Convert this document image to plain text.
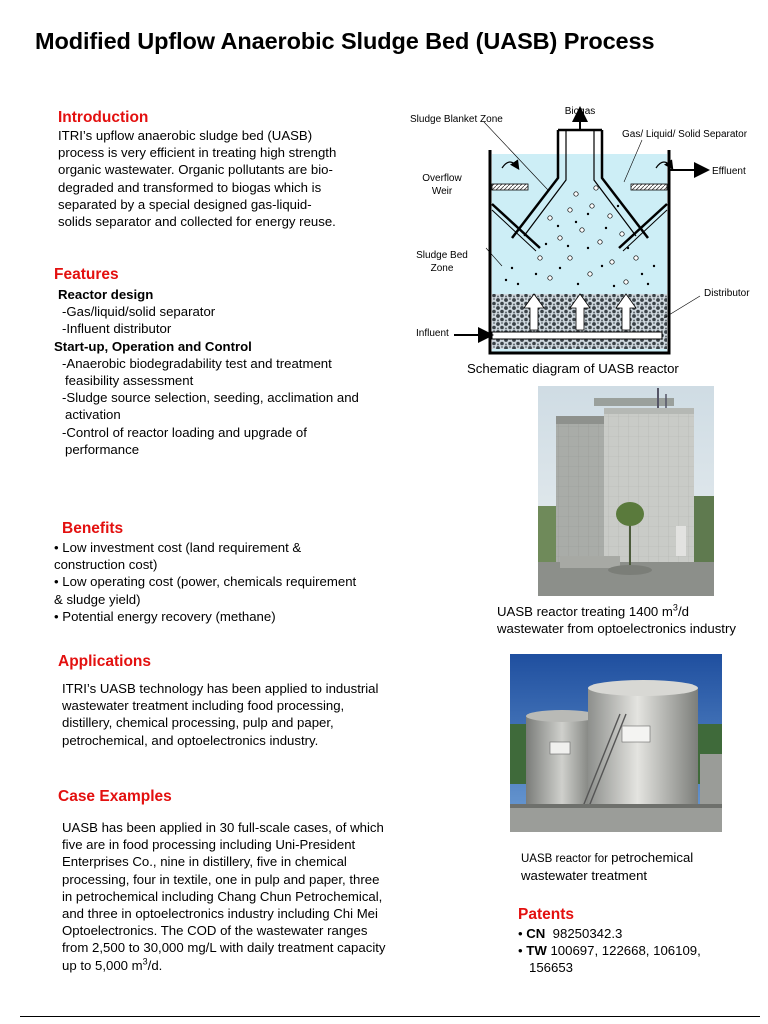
Modified Upflow Anaerobic Sludge Bed (UASB) Process
Introduction

ITRI’s upflow anaerobic sludge bed (UASB)

process is very efficient in treating high strength

organic wastewater. Organic pollutants are bio-

degraded and transformed to biogas which is

separated by a special designed gas-liquid-

solids separator and collected for energy reuse.

Features

Reactor design

-Gas/liquid/solid separator

-Influent distributor

Start-up, Operation and Control

-Anaerobic biodegradability test and treatment

feasibility assessment

-Sludge source selection, seeding, acclimation and

activation

-Control of reactor loading and upgrade of

performance

Benefits

• Low investment cost (land requirement &

construction cost)

• Low operating cost (power, chemicals requirement

& sludge yield)

• Potential energy recovery (methane)

Applications

ITRI’s UASB technology has been applied to industrial

wastewater treatment including food processing,

distillery, chemical processing, pulp and paper,

petrochemical, and optoelectronics industry.

Case Examples

UASB has been applied in 30 full-scale cases, of which

five are in food processing including Uni-President

Enterprises Co., nine in distillery, five in chemical

processing, four in textile, one in pulp and paper, three

in petrochemical including Chang Chun Petrochemical,

and three in optoelectronics industry including Chi Mei

Optoelectronics. The COD of the wastewater ranges

from 2,500 to 30,000 mg/L with daily treatment capacity

up to 5,000 $m^3/d$.

Biogas
Sludge Blanket Zone
Gas/ Liquid/ Solid Separator
Overflow
Weir
Effluent
Sludge Bed
Zone
Distributor
Influent
Schematic diagram of UASB reactor
UASB reactor treating 1400 $m^3/d$
wastewater from optoelectronics industry
UASB reactor for petrochemical
wastewater treatment
Patents

• CN 98250342.3

• TW 100697, 122668, 106109,

156653
